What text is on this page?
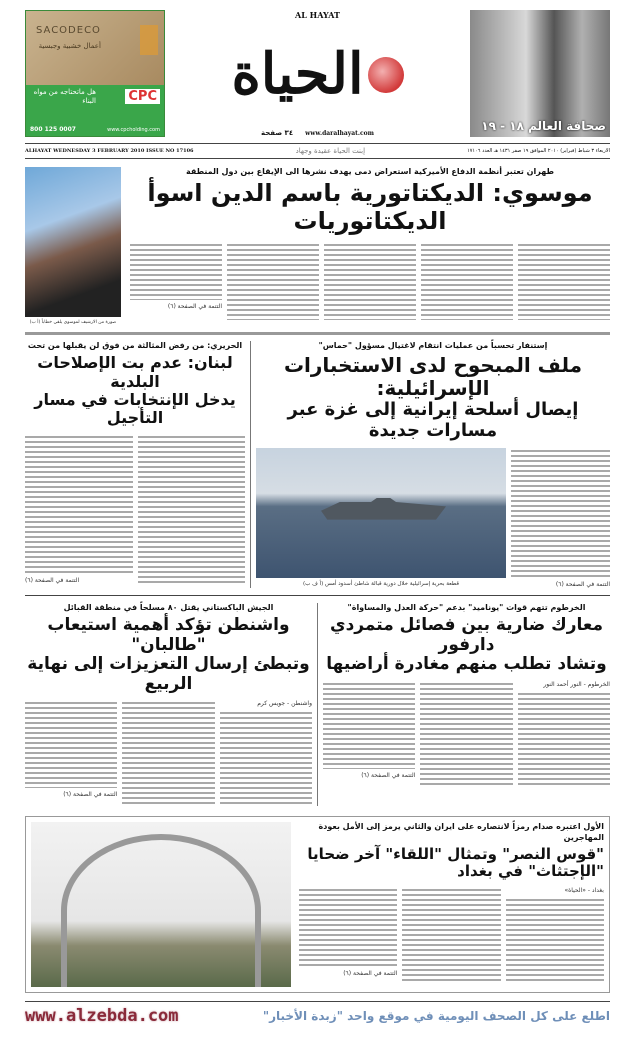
SACODECO
أعمال خشبية وجبسية
هل ماتحتاجه من مواه البناء CPC
800 125 0007	www.cpcholding.com
AL HAYAT
الحياة
٣٤ صفحة www.daralhayat.com
صحافة العالم ١٨ - ١٩
ALHAYAT WEDNESDAY 3 FEBRUARY 2010 ISSUE NO 17106	إبنت الحياة عقيدة وجهاد	الاربعاء ٣ شباط (فبراير) ٢٠١٠ الموافق ١٩ صفر ١٤٣١ هـ العدد ١٧١٠٦
صورة من الارشيف لموسوي يلقي خطاباً (أ ب)
طهران تعتبر أنظمة الدفاع الأميركية استعراض دمى يهدف نشرها الى الإيقاع بين دول المنطقة
موسوي: الديكتاتورية باسم الدين اسوأ الديكتاتوريات
التتمة في الصفحة (٦)
الحريري: من رفض المثالثة من فوق لن يقبلها من تحت
لبنان: عدم بت الإصلاحات البلدية
يدخل الإنتخابات في مسار التأجيل
التتمة في الصفحة (٦)
إستنفار تحسباً من عمليات انتقام لاغتيال مسؤول "حماس"
ملف المبحوح لدى الاستخبارات الإسرائيلية:
إيصال أسلحة إيرانية إلى غزة عبر مسارات جديدة
قطعة بحرية إسرائيلية خلال دورية قبالة شاطئ أسدود أمس (أ ف ب)	التتمة في الصفحة (٦)
الجيش الباكستاني يقتل ٨٠ مسلحاً في منطقة القبائل
واشنطن تؤكد أهمية استيعاب "طالبان"
وتبطئ إرسال التعزيزات إلى نهاية الربيع
التتمة في الصفحة (٦)
واشنطن - جويس كرم
الخرطوم تتهم قوات "يوناميد" بدعم "حركة العدل والمساواة"
معارك ضارية بين فصائل متمردي دارفور
وتشاد تطلب منهم مغادرة أراضيها
التتمة في الصفحة (٦)
الخرطوم - النور أحمد النور
الأول اعتبره صدام رمزاً لانتصاره على ايران والثاني يرمز إلى الأمل بعودة المهاجرين
"قوس النصر" وتمثال "اللقاء" آخر ضحايا "الإجتثاث" في بغداد
التتمة في الصفحة (٦)
بغداد - «الحياة»
www.alzebda.com	اطلع على كل الصحف اليومية في موقع واحد "زبدة الأخبار"
